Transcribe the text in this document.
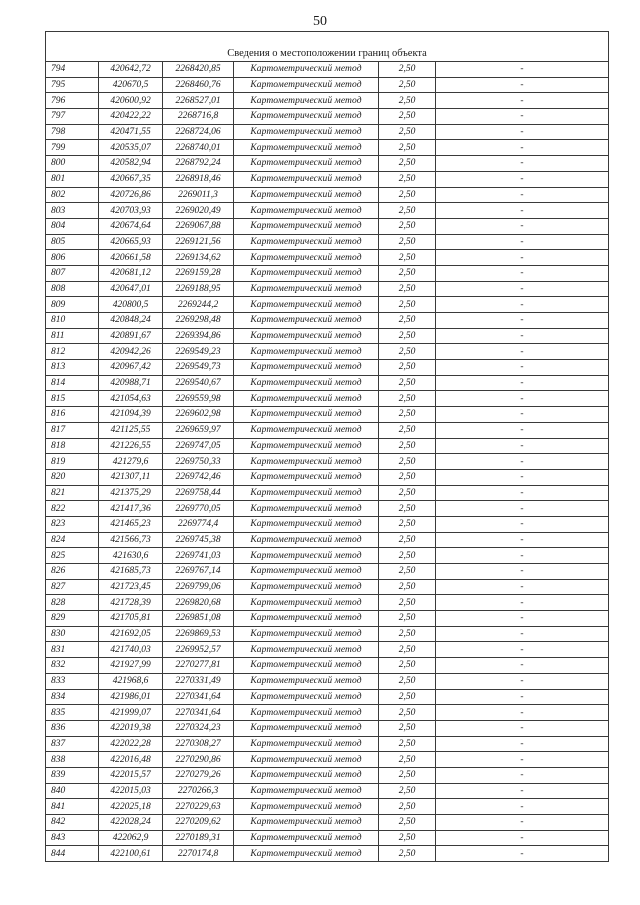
50
Сведения о местоположении границ объекта					
794	420642,72	2268420,85	Картометрический метод	2,50	-
795	420670,5	2268460,76	Картометрический метод	2,50	-
796	420600,92	2268527,01	Картометрический метод	2,50	-
797	420422,22	2268716,8	Картометрический метод	2,50	-
798	420471,55	2268724,06	Картометрический метод	2,50	-
799	420535,07	2268740,01	Картометрический метод	2,50	-
800	420582,94	2268792,24	Картометрический метод	2,50	-
801	420667,35	2268918,46	Картометрический метод	2,50	-
802	420726,86	2269011,3	Картометрический метод	2,50	-
803	420703,93	2269020,49	Картометрический метод	2,50	-
804	420674,64	2269067,88	Картометрический метод	2,50	-
805	420665,93	2269121,56	Картометрический метод	2,50	-
806	420661,58	2269134,62	Картометрический метод	2,50	-
807	420681,12	2269159,28	Картометрический метод	2,50	-
808	420647,01	2269188,95	Картометрический метод	2,50	-
809	420800,5	2269244,2	Картометрический метод	2,50	-
810	420848,24	2269298,48	Картометрический метод	2,50	-
811	420891,67	2269394,86	Картометрический метод	2,50	-
812	420942,26	2269549,23	Картометрический метод	2,50	-
813	420967,42	2269549,73	Картометрический метод	2,50	-
814	420988,71	2269540,67	Картометрический метод	2,50	-
815	421054,63	2269559,98	Картометрический метод	2,50	-
816	421094,39	2269602,98	Картометрический метод	2,50	-
817	421125,55	2269659,97	Картометрический метод	2,50	-
818	421226,55	2269747,05	Картометрический метод	2,50	-
819	421279,6	2269750,33	Картометрический метод	2,50	-
820	421307,11	2269742,46	Картометрический метод	2,50	-
821	421375,29	2269758,44	Картометрический метод	2,50	-
822	421417,36	2269770,05	Картометрический метод	2,50	-
823	421465,23	2269774,4	Картометрический метод	2,50	-
824	421566,73	2269745,38	Картометрический метод	2,50	-
825	421630,6	2269741,03	Картометрический метод	2,50	-
826	421685,73	2269767,14	Картометрический метод	2,50	-
827	421723,45	2269799,06	Картометрический метод	2,50	-
828	421728,39	2269820,68	Картометрический метод	2,50	-
829	421705,81	2269851,08	Картометрический метод	2,50	-
830	421692,05	2269869,53	Картометрический метод	2,50	-
831	421740,03	2269952,57	Картометрический метод	2,50	-
832	421927,99	2270277,81	Картометрический метод	2,50	-
833	421968,6	2270331,49	Картометрический метод	2,50	-
834	421986,01	2270341,64	Картометрический метод	2,50	-
835	421999,07	2270341,64	Картометрический метод	2,50	-
836	422019,38	2270324,23	Картометрический метод	2,50	-
837	422022,28	2270308,27	Картометрический метод	2,50	-
838	422016,48	2270290,86	Картометрический метод	2,50	-
839	422015,57	2270279,26	Картометрический метод	2,50	-
840	422015,03	2270266,3	Картометрический метод	2,50	-
841	422025,18	2270229,63	Картометрический метод	2,50	-
842	422028,24	2270209,62	Картометрический метод	2,50	-
843	422062,9	2270189,31	Картометрический метод	2,50	-
844	422100,61	2270174,8	Картометрический метод	2,50	-
